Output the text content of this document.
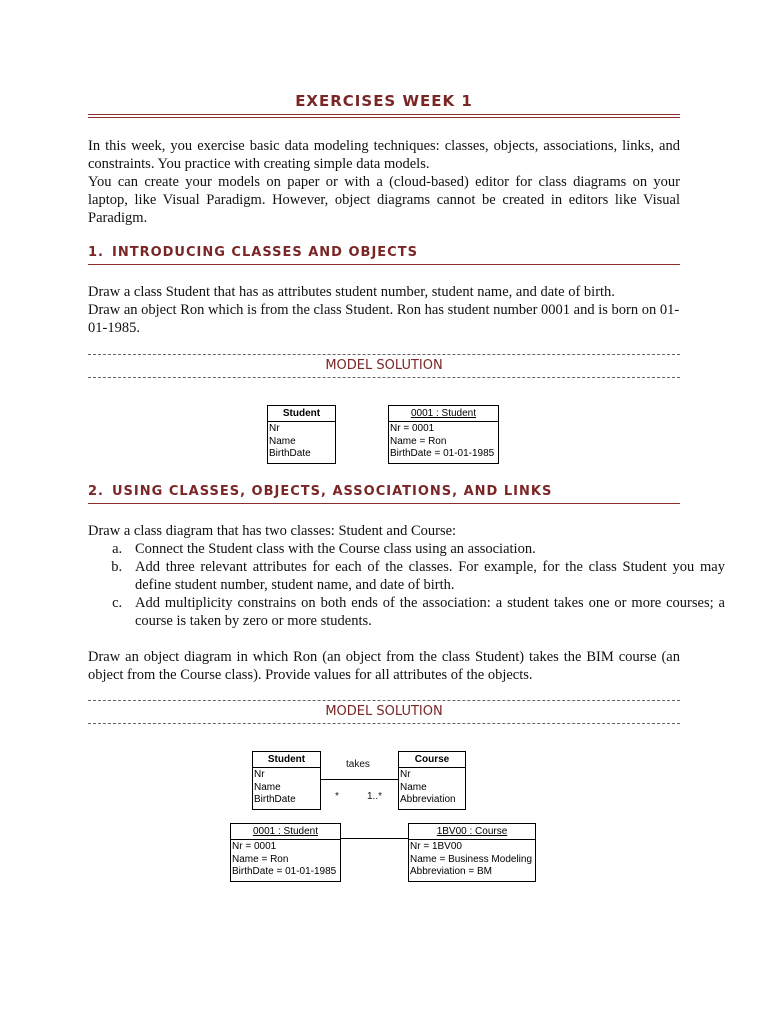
EXERCISES WEEK 1

In this week, you exercise basic data modeling techniques: classes, objects, associations, links, and constraints. You practice with creating simple data models.

You can create your models on paper or with a (cloud-based) editor for class diagrams on your laptop, like Visual Paradigm. However, object diagrams cannot be created in editors like Visual Paradigm.

1. INTRODUCING CLASSES AND OBJECTS

Draw a class Student that has as attributes student number, student name, and date of birth.

Draw an object Ron which is from the class Student. Ron has student number 0001 and is born on 01-01-1985.

MODEL SOLUTION

Student
Nr
Name
BirthDate
0001 : Student
Nr = 0001
Name = Ron
BirthDate = 01-01-1985
2. USING CLASSES, OBJECTS, ASSOCIATIONS, AND LINKS

Draw a class diagram that has two classes: Student and Course:

a. Connect the Student class with the Course class using an association.
b. Add three relevant attributes for each of the classes. For example, for the class Student you may define student number, student name, and date of birth.
c. Add multiplicity constrains on both ends of the association: a student takes one or more courses; a course is taken by zero or more students.

Draw an object diagram in which Ron (an object from the class Student) takes the BIM course (an object from the Course class). Provide values for all attributes of the objects.

MODEL SOLUTION

Student
Nr
Name
BirthDate
takes
*	1..*
Course
Nr
Name
Abbreviation
0001 : Student
Nr = 0001
Name = Ron
BirthDate = 01-01-1985
1BV00 : Course
Nr = 1BV00
Name = Business Modeling
Abbreviation = BM
